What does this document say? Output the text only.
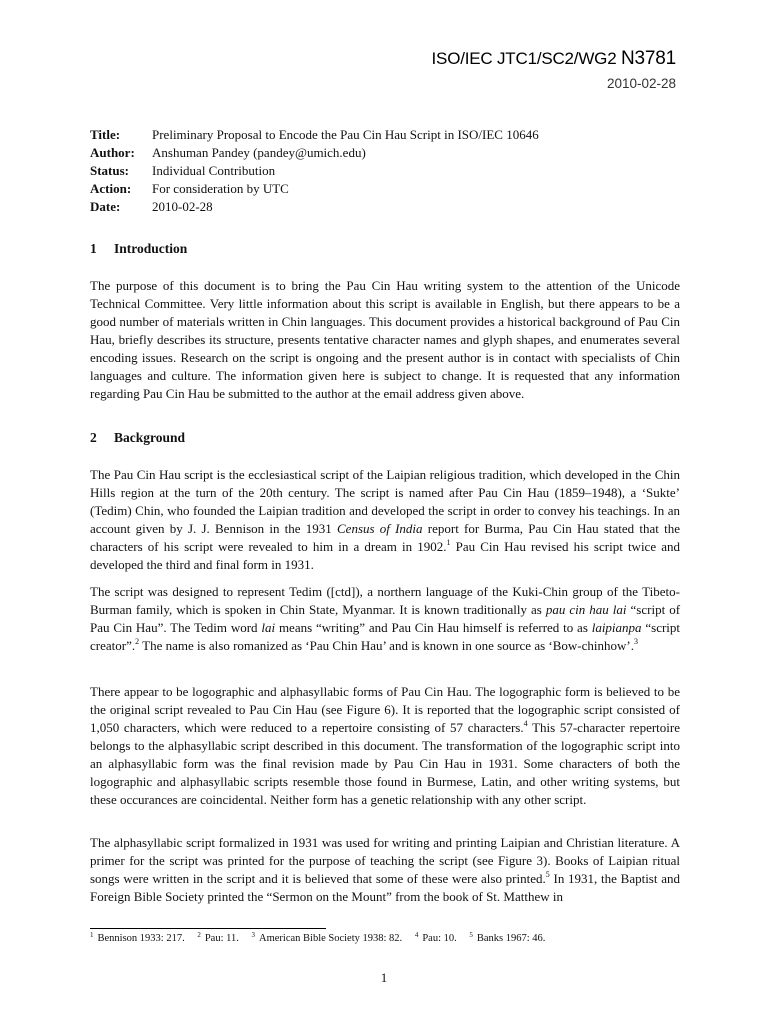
ISO/IEC JTC1/SC2/WG2 N3781
2010-02-28
Title:	Preliminary Proposal to Encode the Pau Cin Hau Script in ISO/IEC 10646
Author:	Anshuman Pandey (pandey@umich.edu)
Status:	Individual Contribution
Action:	For consideration by UTC
Date:	2010-02-28
1 Introduction

The purpose of this document is to bring the Pau Cin Hau writing system to the attention of the Unicode Technical Committee. Very little information about this script is available in English, but there appears to be a good number of materials written in Chin languages. This document provides a historical background of Pau Cin Hau, briefly describes its structure, presents tentative character names and glyph shapes, and enumerates several encoding issues. Research on the script is ongoing and the present author is in contact with specialists of Chin languages and culture. The information given here is subject to change. It is requested that any information regarding Pau Cin Hau be submitted to the author at the email address given above.

2 Background

The Pau Cin Hau script is the ecclesiastical script of the Laipian religious tradition, which developed in the Chin Hills region at the turn of the 20th century. The script is named after Pau Cin Hau (1859–1948), a ‘Sukte’ (Tedim) Chin, who founded the Laipian tradition and developed the script in order to convey his teachings. In an account given by J. J. Bennison in the 1931 Census of India report for Burma, Pau Cin Hau stated that the characters of his script were revealed to him in a dream in 1902.$^1$ Pau Cin Hau revised his script twice and developed the third and final form in 1931.

The script was designed to represent Tedim ([ctd]), a northern language of the Kuki-Chin group of the Tibeto-Burman family, which is spoken in Chin State, Myanmar. It is known traditionally as pau cin hau lai “script of Pau Cin Hau”. The Tedim word lai means “writing” and Pau Cin Hau himself is referred to as laipianpa “script creator”.$^2$ The name is also romanized as ‘Pau Chin Hau’ and is known in one source as ‘Bow-chinhow’.$^3$

There appear to be logographic and alphasyllabic forms of Pau Cin Hau. The logographic form is believed to be the original script revealed to Pau Cin Hau (see Figure 6). It is reported that the logographic script consisted of 1,050 characters, which were reduced to a repertoire consisting of 57 characters.$^4$ This 57-character repertoire belongs to the alphasyllabic script described in this document. The transformation of the logographic script into an alphasyllabic form was the final revision made by Pau Cin Hau in 1931. Some characters of both the logographic and alphasyllabic scripts resemble those found in Burmese, Latin, and other writing systems, but these occurances are coincidental. Neither form has a genetic relationship with any other script.

The alphasyllabic script formalized in 1931 was used for writing and printing Laipian and Christian literature. A primer for the script was printed for the purpose of teaching the script (see Figure 3). Books of Laipian ritual songs were written in the script and it is believed that some of these were also printed.$^5$ In 1931, the Baptist and Foreign Bible Society printed the “Sermon on the Mount” from the book of St. Matthew in

$^1$ Bennison 1933: 217. $^2$ Pau: 11. $^3$ American Bible Society 1938: 82. $^4$ Pau: 10. $^5$ Banks 1967: 46.
1
